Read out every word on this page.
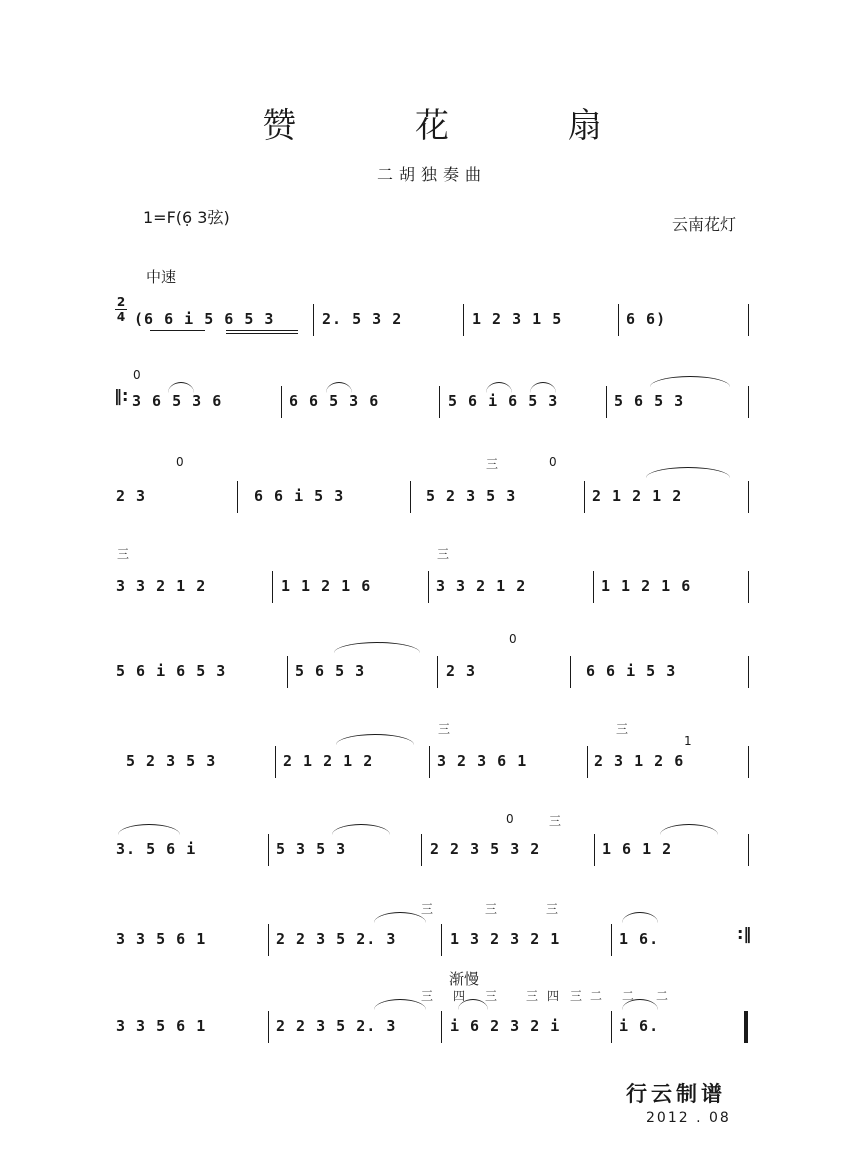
赞 花 扇
二胡独奏曲
1=F(6̣ 3弦)	云南花灯
中速
2
4 (6 6 i 5 6 5 3	2. 5 3 2	1 2 3 1 5	6 6)
‖:
0
3 6 5 3 6	6 6 5 3 6	5 6 i 6 5 3	5 6 5 3
0
2 3	6 6 i 5 3
三	0
5 2 3 5 3	2 1 2 1 2
三
3 3 2 1 2	1 1 2 1 6
三
3 3 2 1 2	1 1 2 1 6
5 6 i 6 5 3	5 6 5 3
0
2 3	6 6 i 5 3
5 2 3 5 3	2 1 2 1 2
三
3 2 3 6 1
三
1
2 3 1 2 6
3. 5 6 i	5 3 5 3
0	三
2 2 3 5 3 2	1 6 1 2
3 3 5 6 1
三
2 2 3 5 2. 3
三	三
1 3 2 3 2 1	1 6.	:‖
渐慢
3 3 5 6 1
三
2 2 3 5 2. 3
四 三 三 四 三 二
i 6 2 3 2 i
二 二
i 6.
行云制谱
2012 . 08
